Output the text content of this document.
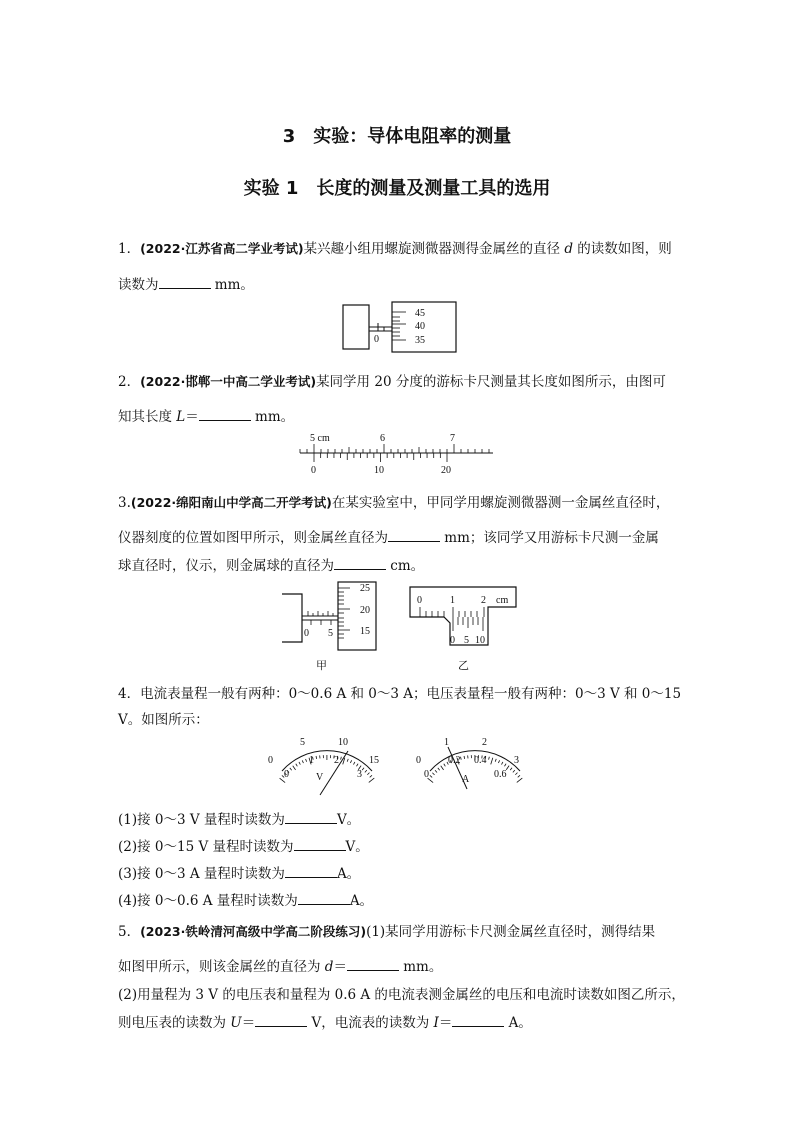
3　实验：导体电阻率的测量
实验 1　长度的测量及测量工具的选用
1．(2022·江苏省高二学业考试)某兴趣小组用螺旋测微器测得金属丝的直径 d 的读数如图，则
读数为	mm。
45
40
35
0
2．(2022·邯郸一中高二学业考试)某同学用 20 分度的游标卡尺测量其长度如图所示，由图可
知其长度 L＝	mm。
5 cm	6	7
0	10	20
3.(2022·绵阳南山中学高二开学考试)在某实验室中，甲同学用螺旋测微器测一金属丝直径时，
仪器刻度的位置如图甲所示，则金属丝直径为	mm；该同学又用游标卡尺测一金属
球直径时，仪示，则金属球的直径为	cm。
25
20
15
0 5
甲
0	1	2 cm
0 5 10
乙
4．电流表量程一般有两种：0～0.6 A 和 0～3 A；电压表量程一般有两种：0～3 V 和 0～15
V。如图所示：
0
5	10
15
0
1 2
3
V
0
1	2
3
0
0.2 0.4
0.6
A
(1)接 0～3 V 量程时读数为	V。
(2)接 0～15 V 量程时读数为	V。
(3)接 0～3 A 量程时读数为	A。
(4)接 0～0.6 A 量程时读数为	A。
5．(2023·铁岭清河高级中学高二阶段练习)(1)某同学用游标卡尺测金属丝直径时，测得结果
如图甲所示，则该金属丝的直径为 d＝	mm。
(2)用量程为 3 V 的电压表和量程为 0.6 A 的电流表测金属丝的电压和电流时读数如图乙所示，
则电压表的读数为 U＝	V，电流表的读数为 I＝	A。
